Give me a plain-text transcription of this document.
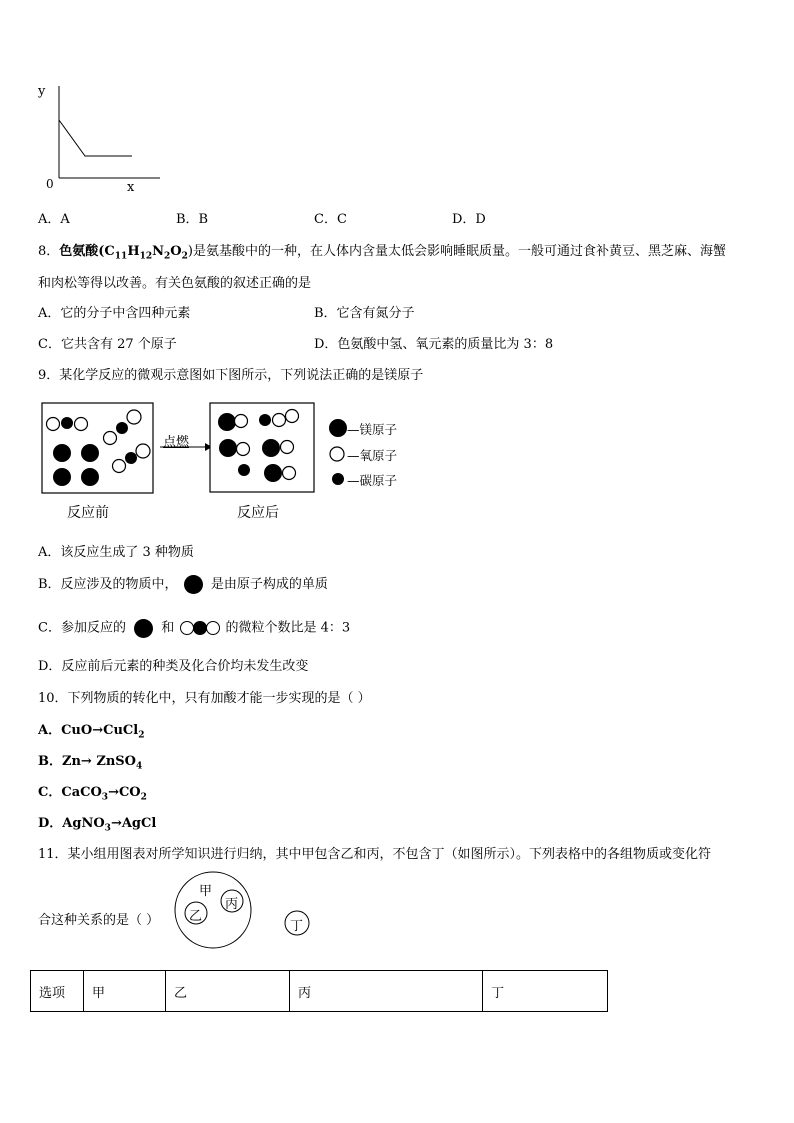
y
0	x
A．A	B．B	C．C	D．D
8．色氨酸$(C_{11}H_{12}N_2O_2)$是氨基酸中的一种，在人体内含量太低会影响睡眠质量。一般可通过食补黄豆、黑芝麻、海蟹
和肉松等得以改善。有关色氨酸的叙述正确的是
A．它的分子中含四种元素	B．它含有氮分子
C．它共含有 27 个原子	D．色氨酸中氢、氧元素的质量比为 3：8
9．某化学反应的微观示意图如下图所示，下列说法正确的是镁原子
点燃
—镁原子
—氧原子
—碳原子
反应前	反应后
A．该反应生成了 3 种物质
B．反应涉及的物质中，	是由原子构成的单质
C．参加反应的	和	的微粒个数比是 4：3
D．反应前后元素的种类及化合价均未发生改变
10．下列物质的转化中，只有加酸才能一步实现的是（ ）
A．CuO→CuCl$_2$
B．Zn→ ZnSO$_4$
C．$CaCO_3\to CO_2$
D．AgNO$_3$→AgCl
11．某小组用图表对所学知识进行归纳，其中甲包含乙和丙，不包含丁（如图所示）。下列表格中的各组物质或变化符
合这种关系的是（ ）
甲
乙
丙
丁
选项	甲	乙	丙	丁
